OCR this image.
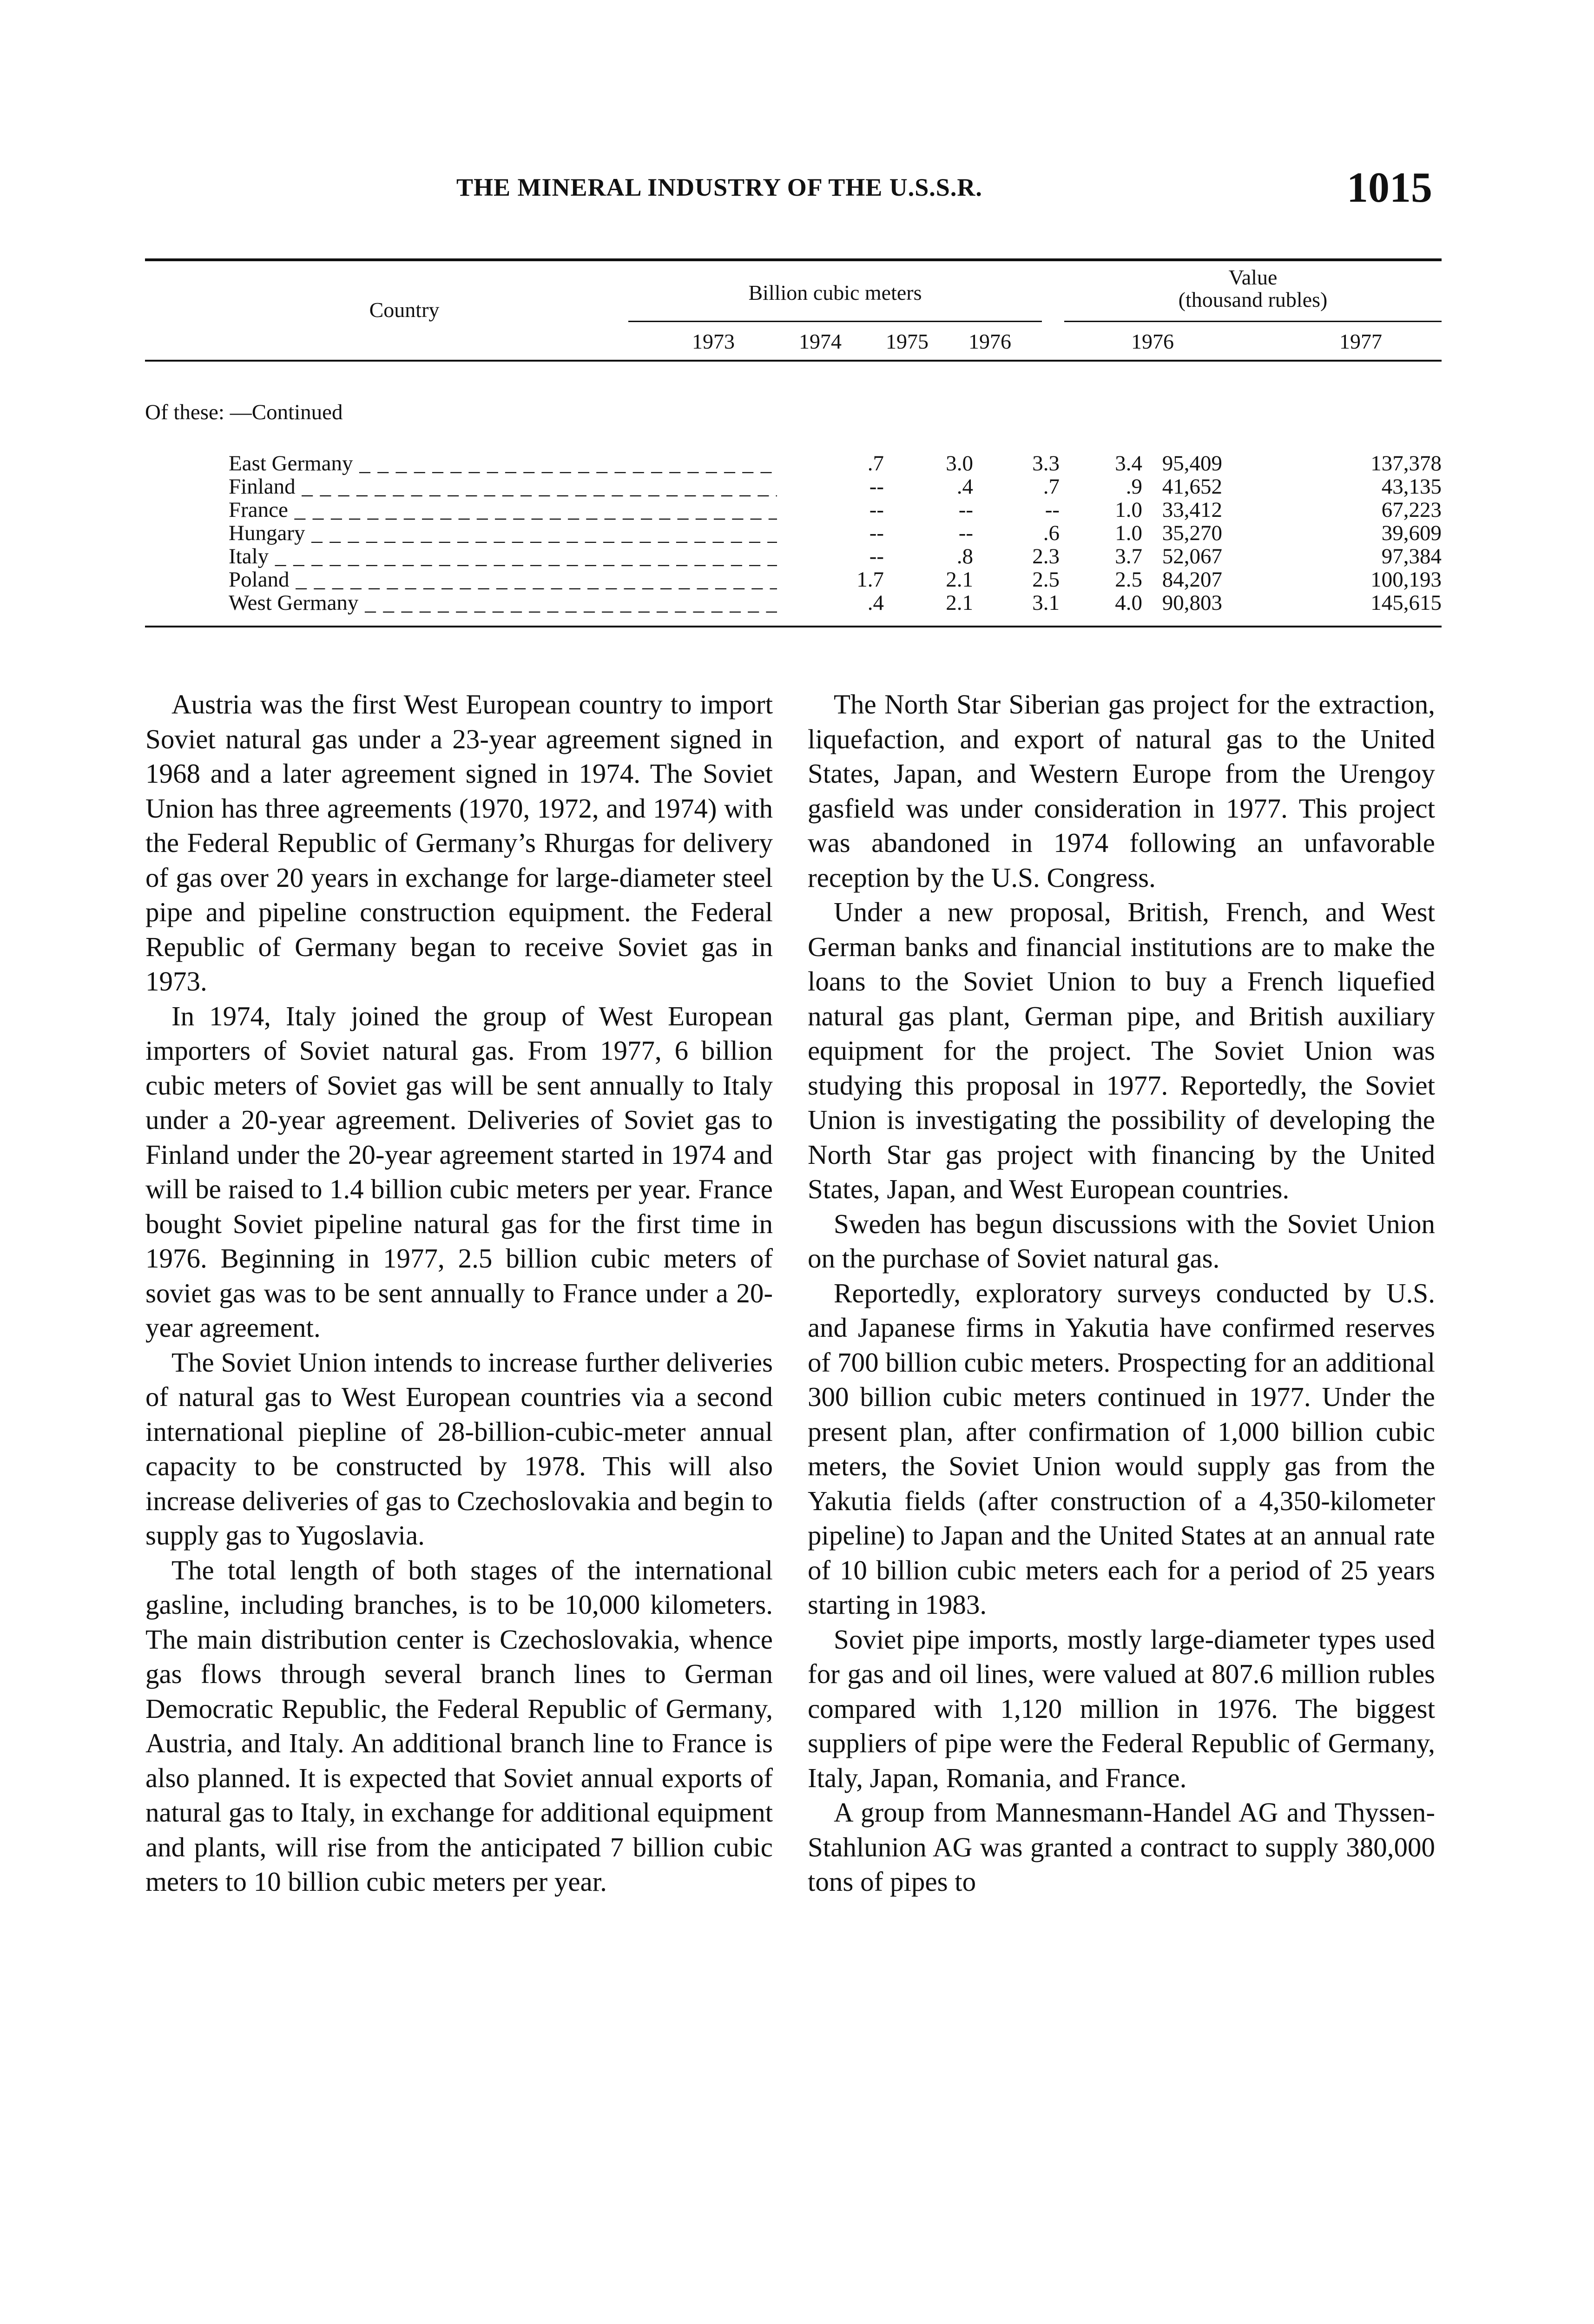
THE MINERAL INDUSTRY OF THE U.S.S.R.	1015
Country
Billion cubic meters
Value
(thousand rubles)
1973	1974	1975	1976	1976	1977
Of these: —Continued
East Germany _ _ _	.7	3.0	3.3	3.4 95,409	137,378
Finland _ _ _	--	.4	.7	.9 41,652	43,135
France _ _ _	--	--	--	1.0 33,412	67,223
Hungary _ _ _	--	--	.6	1.0 35,270	39,609
Italy _ _ _	--	.8	2.3	3.7 52,067	97,384
Poland _ _ _	1.7	2.1	2.5	2.5 84,207	100,193
West Germany _ _ _	.4	2.1	3.1	4.0 90,803	145,615

Austria was the first West European country to import Soviet natural gas under a 23-year agreement signed in 1968 and a later agreement signed in 1974. The Soviet Union has three agreements (1970, 1972, and 1974) with the Federal Republic of Germany’s Rhurgas for delivery of gas over 20 years in exchange for large-diameter steel pipe and pipeline construction equipment. the Federal Republic of Germany began to receive Soviet gas in 1973.

In 1974, Italy joined the group of West European importers of Soviet natural gas. From 1977, 6 billion cubic meters of Soviet gas will be sent annually to Italy under a 20-year agreement. Deliveries of Soviet gas to Finland under the 20-year agreement started in 1974 and will be raised to 1.4 billion cubic meters per year. France bought Soviet pipeline natural gas for the first time in 1976. Beginning in 1977, 2.5 billion cubic meters of soviet gas was to be sent annually to France under a 20-year agreement.

The Soviet Union intends to increase further deliveries of natural gas to West European countries via a second international piepline of 28-billion-cubic-meter annual capacity to be constructed by 1978. This will also increase deliveries of gas to Czechoslovakia and begin to supply gas to Yugoslavia.

The total length of both stages of the international gasline, including branches, is to be 10,000 kilometers. The main distribution center is Czechoslovakia, whence gas flows through several branch lines to German Democratic Republic, the Federal Republic of Germany, Austria, and Italy. An additional branch line to France is also planned. It is expected that Soviet annual exports of natural gas to Italy, in exchange for additional equipment and plants, will rise from the anticipated 7 billion cubic meters to 10 billion cubic meters per year.

The North Star Siberian gas project for the extraction, liquefaction, and export of natural gas to the United States, Japan, and Western Europe from the Urengoy gasfield was under consideration in 1977. This project was abandoned in 1974 following an unfavorable reception by the U.S. Congress.

Under a new proposal, British, French, and West German banks and financial institutions are to make the loans to the Soviet Union to buy a French liquefied natural gas plant, German pipe, and British auxiliary equipment for the project. The Soviet Union was studying this proposal in 1977. Reportedly, the Soviet Union is investigating the possibility of developing the North Star gas project with financing by the United States, Japan, and West European countries.

Sweden has begun discussions with the Soviet Union on the purchase of Soviet natural gas.

Reportedly, exploratory surveys conducted by U.S. and Japanese firms in Yakutia have confirmed reserves of 700 billion cubic meters. Prospecting for an additional 300 billion cubic meters continued in 1977. Under the present plan, after confirmation of 1,000 billion cubic meters, the Soviet Union would supply gas from the Yakutia fields (after construction of a 4,350-kilometer pipeline) to Japan and the United States at an annual rate of 10 billion cubic meters each for a period of 25 years starting in 1983.

Soviet pipe imports, mostly large-diameter types used for gas and oil lines, were valued at 807.6 million rubles compared with 1,120 million in 1976. The biggest suppliers of pipe were the Federal Republic of Germany, Italy, Japan, Romania, and France.

A group from Mannesmann-Handel AG and Thyssen-Stahlunion AG was granted a contract to supply 380,000 tons of pipes to
